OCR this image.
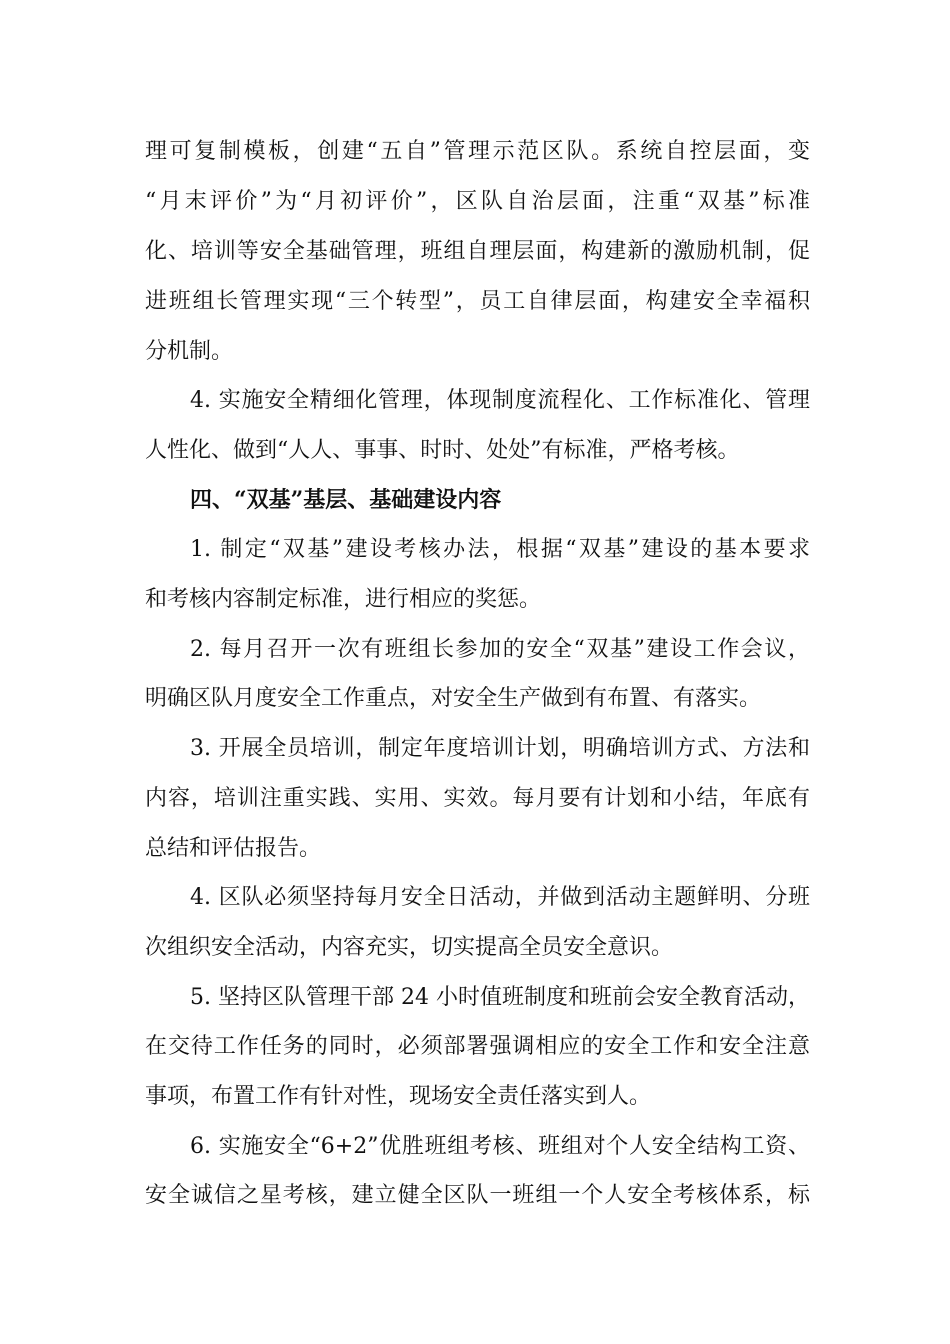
理可复制模板，创建“五自”管理示范区队。系统自控层面，变
“月末评价”为“月初评价”，区队自治层面，注重“双基”标准
化、培训等安全基础管理，班组自理层面，构建新的激励机制，促
进班组长管理实现“三个转型”，员工自律层面，构建安全幸福积
分机制。
4. 实施安全精细化管理，体现制度流程化、工作标准化、管理
人性化、做到“人人、事事、时时、处处”有标准，严格考核。
四、“双基”基层、基础建设内容
1. 制定“双基”建设考核办法，根据“双基”建设的基本要求
和考核内容制定标准，进行相应的奖惩。
2. 每月召开一次有班组长参加的安全“双基”建设工作会议，
明确区队月度安全工作重点，对安全生产做到有布置、有落实。
3. 开展全员培训，制定年度培训计划，明确培训方式、方法和
内容，培训注重实践、实用、实效。每月要有计划和小结，年底有
总结和评估报告。
4. 区队必须坚持每月安全日活动，并做到活动主题鲜明、分班
次组织安全活动，内容充实，切实提高全员安全意识。
5. 坚持区队管理干部 24 小时值班制度和班前会安全教育活动，
在交待工作任务的同时，必须部署强调相应的安全工作和安全注意
事项，布置工作有针对性，现场安全责任落实到人。
6. 实施安全“6+2”优胜班组考核、班组对个人安全结构工资、
安全诚信之星考核，建立健全区队一班组一个人安全考核体系，标
